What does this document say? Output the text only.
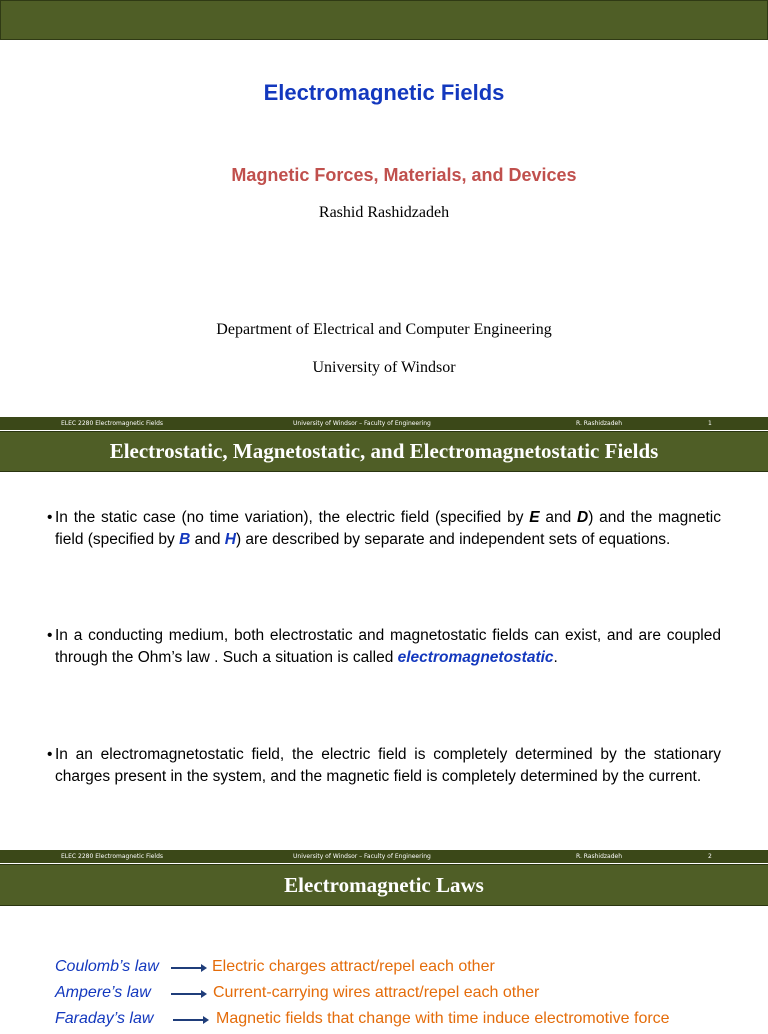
Electromagnetic Fields
Magnetic Forces, Materials, and Devices
Rashid Rashidzadeh
Department of Electrical and Computer Engineering
University of Windsor
ELEC 2280 Electromagnetic Fields	University of Windsor – Faculty of Engineering	R. Rashidzadeh	1
Electrostatic, Magnetostatic, and Electromagnetostatic Fields
• In the static case (no time variation), the electric field (specified by E and D) and the magnetic field (specified by B and H) are described by separate and independent sets of equations.
• In a conducting medium, both electrostatic and magnetostatic fields can exist, and are coupled through the Ohm’s law . Such a situation is called electromagnetostatic.
• In an electromagnetostatic field, the electric field is completely determined by the stationary charges present in the system, and the magnetic field is completely determined by the current.
ELEC 2280 Electromagnetic Fields	University of Windsor – Faculty of Engineering	R. Rashidzadeh	2
Electromagnetic Laws
Coulomb’s law	Electric charges attract/repel each other
Ampere’s law	Current-carrying wires attract/repel each other
Faraday’s law	Magnetic fields that change with time induce electromotive force
